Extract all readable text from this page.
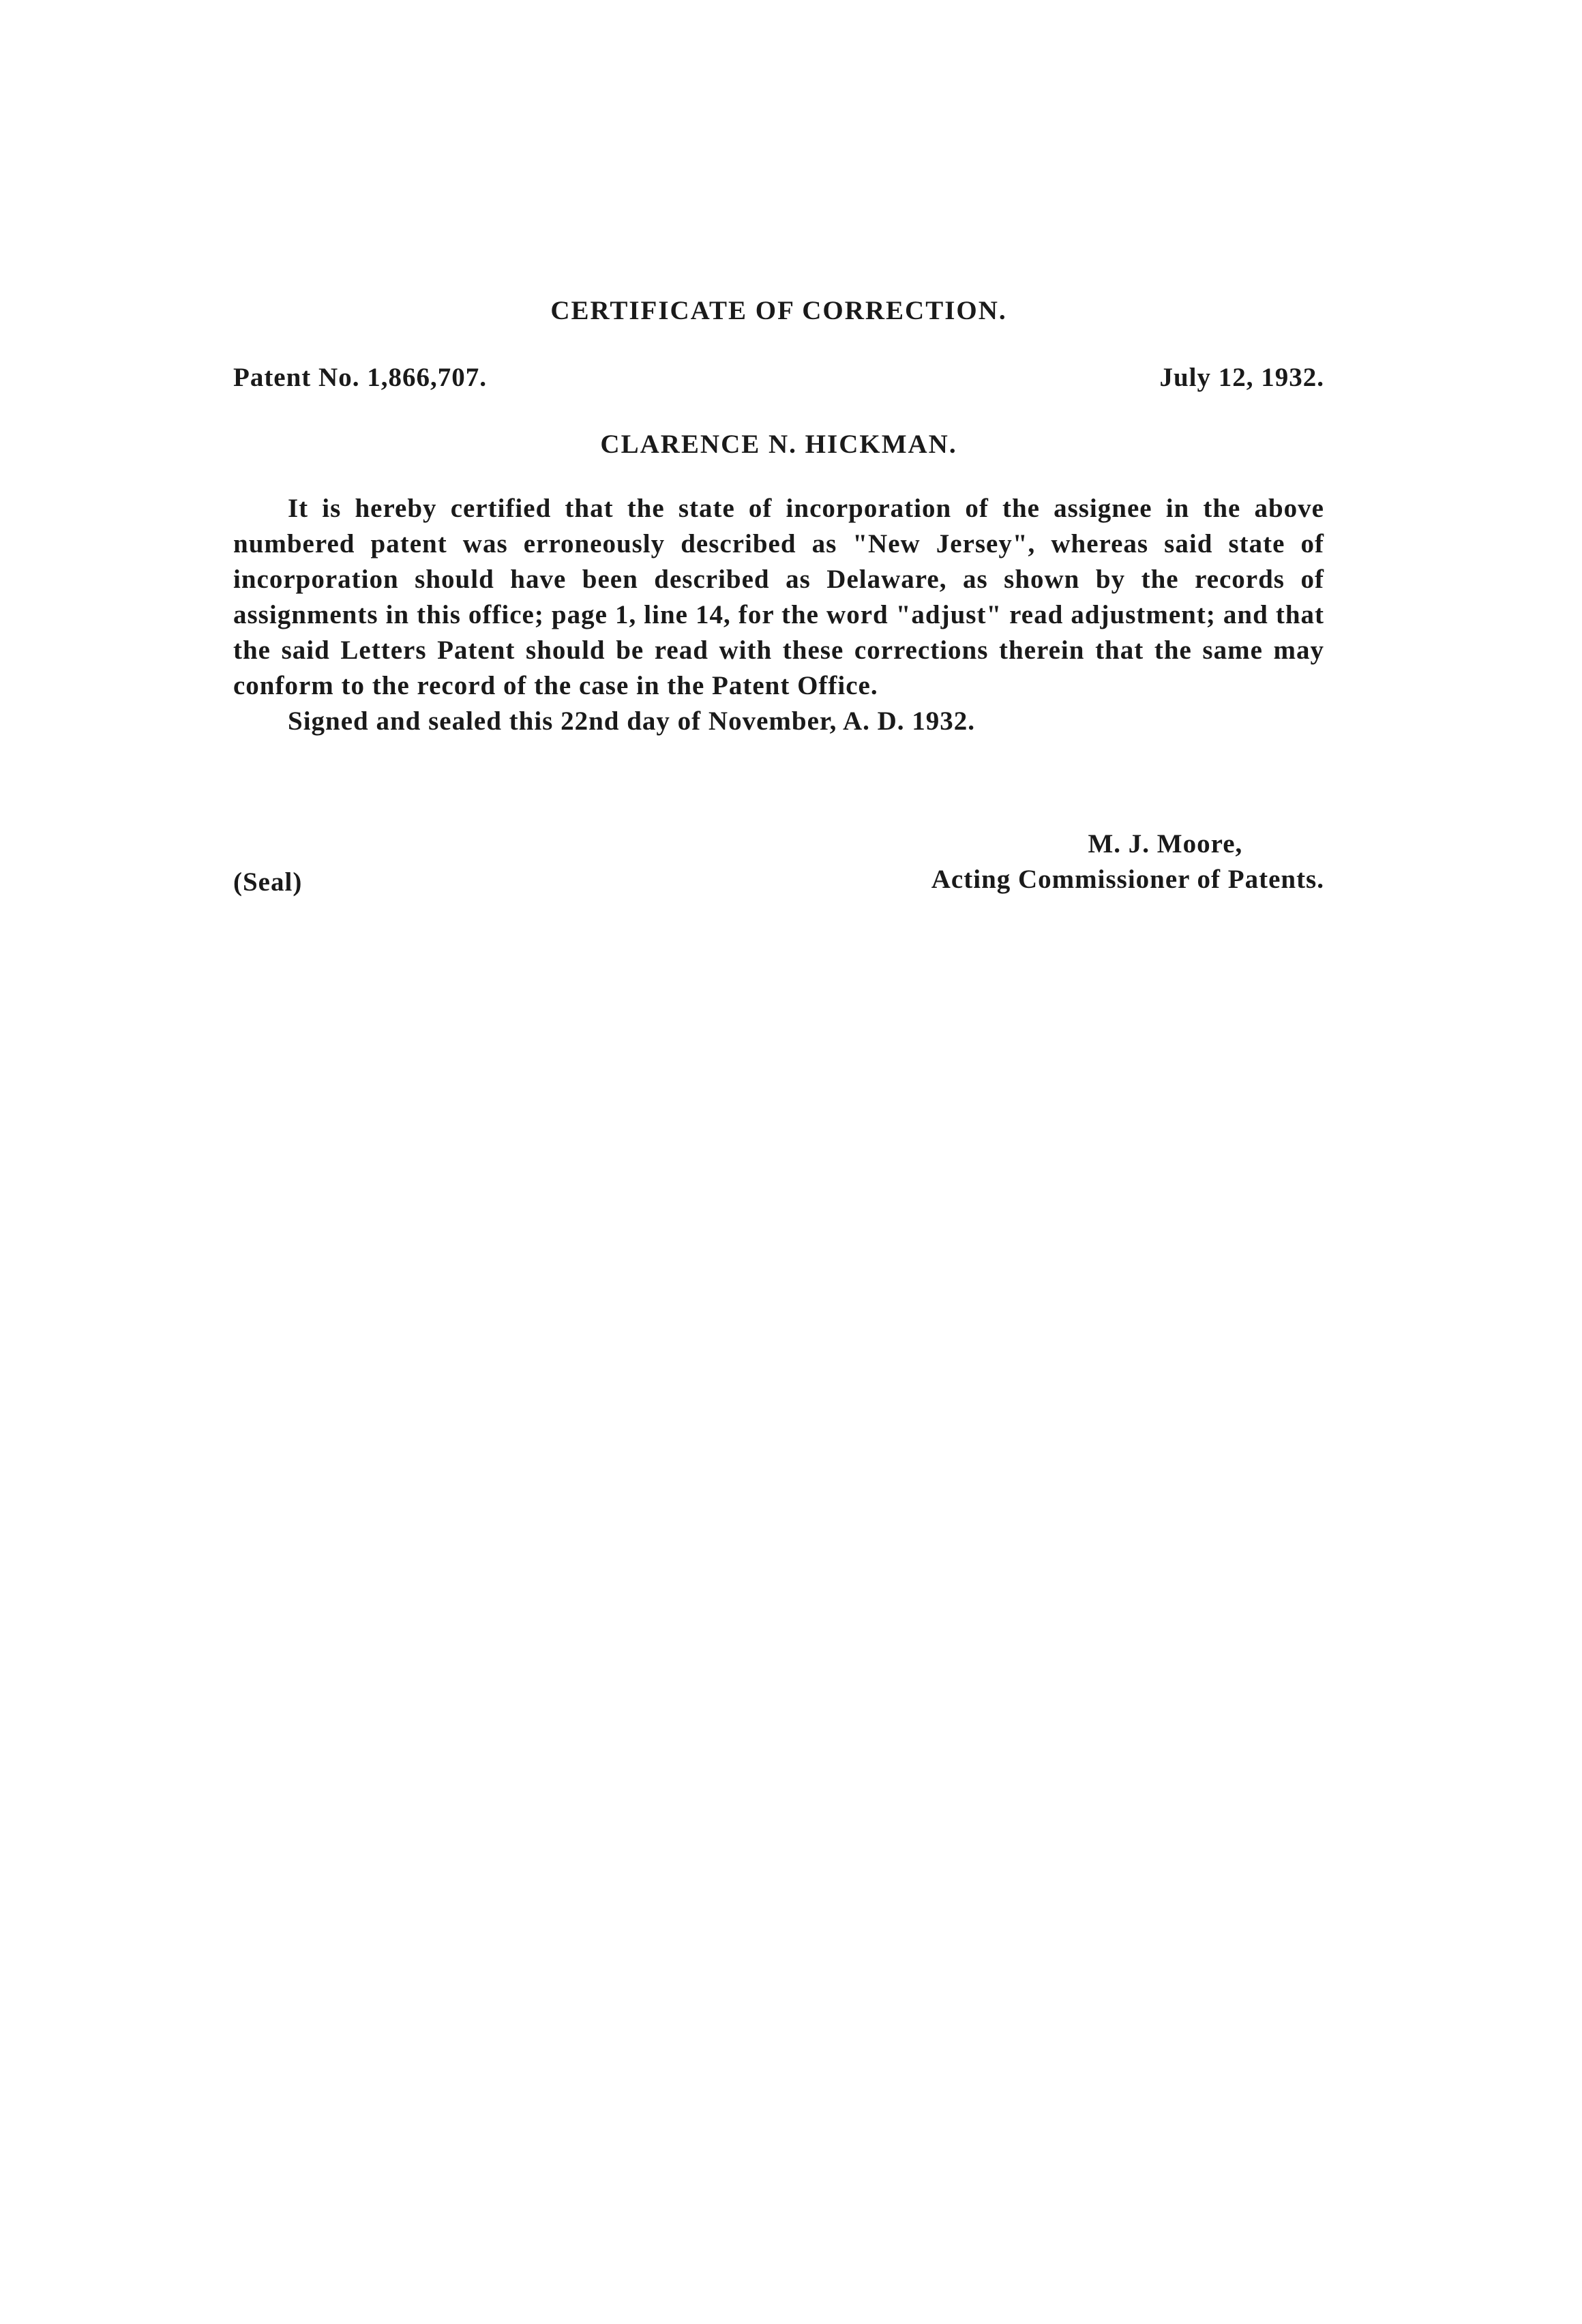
CERTIFICATE OF CORRECTION.
Patent No. 1,866,707.	July 12, 1932.
CLARENCE N. HICKMAN.

It is hereby certified that the state of incorporation of the assignee in the above numbered patent was erroneously described as "New Jersey", whereas said state of incorporation should have been described as Delaware, as shown by the records of assignments in this office; page 1, line 14, for the word "adjust" read adjustment; and that the said Letters Patent should be read with these corrections therein that the same may conform to the record of the case in the Patent Office.

Signed and sealed this 22nd day of November, A. D. 1932.

(Seal)
M. J. Moore,
Acting Commissioner of Patents.
